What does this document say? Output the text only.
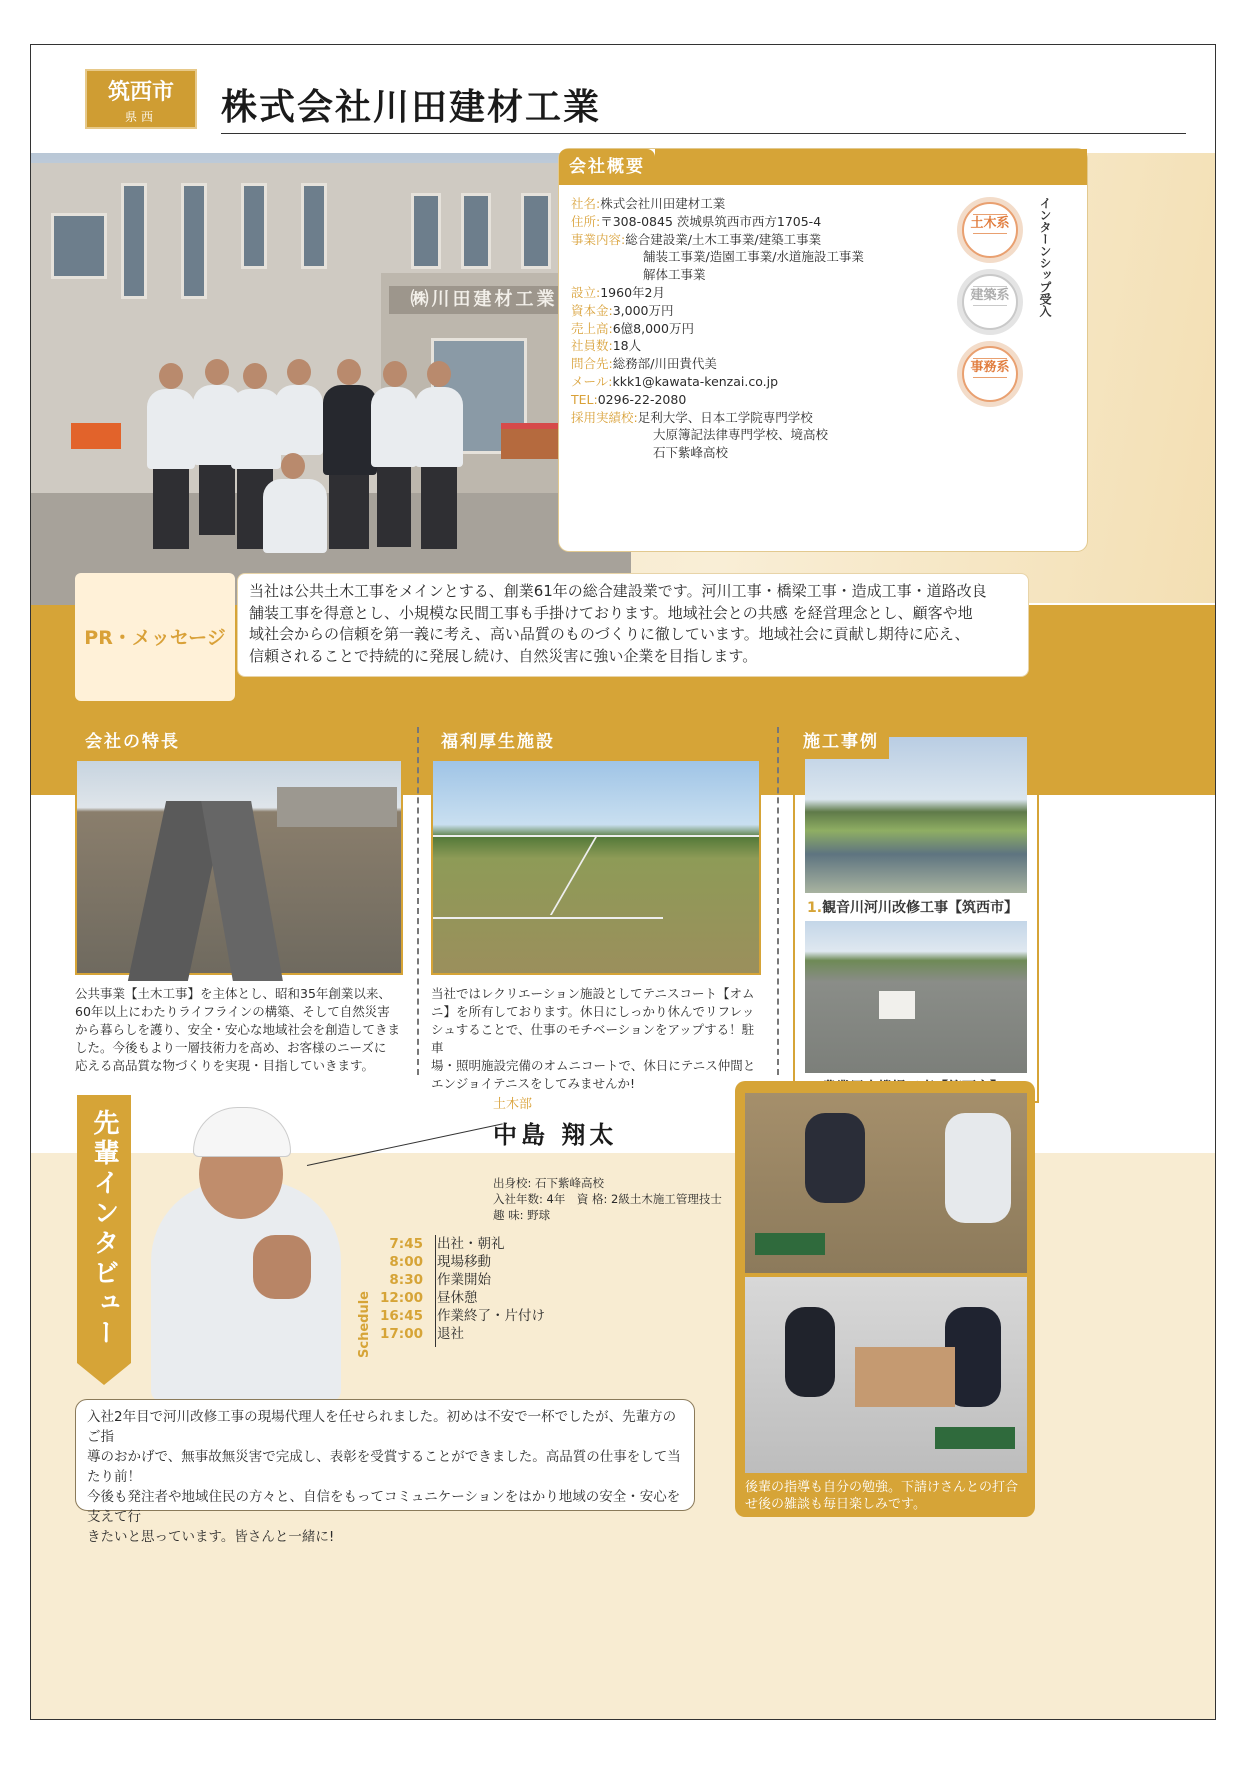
筑西市
県西	株式会社川田建材工業
㈱川田建材工業
会社概要
社名:株式会社川田建材工業
住所:〒308-0845 茨城県筑西市西方1705-4
事業内容:総合建設業/土木工事業/建築工事業
舗装工事業/造園工事業/水道施設工事業
解体工事業
設立:1960年2月
資本金:3,000万円
売上高:6億8,000万円
社員数:18人
問合先:総務部/川田貴代美
メール:kkk1@kawata-kenzai.co.jp
TEL:0296-22-2080
採用実績校:足利大学、日本工学院専門学校
大原簿記法律専門学校、境高校
石下紫峰高校
土木系
建築系
事務系
インターンシップ受入
PR・メッセージ
当社は公共土木工事をメインとする、創業61年の総合建設業です。河川工事・橋梁工事・造成工事・道路改良
舗装工事を得意とし、小規模な民間工事も手掛けております。地域社会との共感 を経営理念とし、顧客や地
域社会からの信頼を第一義に考え、高い品質のものづくりに徹しています。地域社会に貢献し期待に応え、
信頼されることで持続的に発展し続け、自然災害に強い企業を目指します。
会社の特長
公共事業【土木工事】を主体とし、昭和35年創業以来、
60年以上にわたりライフラインの構築、そして自然災害
から暮らしを護り、安全・安心な地域社会を創造してきま
した。今後もより一層技術力を高め、お客様のニーズに
応える高品質な物づくりを実現・目指していきます。
福利厚生施設
当社ではレクリエーション施設としてテニスコート【オム
ニ】を所有しております。休日にしっかり休んでリフレッ
シュすることで、仕事のモチベーションをアップする！駐車
場・照明施設完備のオムニコートで、休日にテニス仲間と
エンジョイテニスをしてみませんか!
施工事例
1.観音川河川改修工事【筑西市】
先輩インタビュー
土木部
中島 翔太
出身校: 石下紫峰高校
入社年数: 4年　資 格: 2級土木施工管理技士
趣 味: 野球
Schedule
7:45 出社・朝礼
8:00 現場移動
8:30 作業開始
12:00 昼休憩
16:45 作業終了・片付け
17:00 退社
入社2年目で河川改修工事の現場代理人を任せられました。初めは不安で一杯でしたが、先輩方のご指
導のおかげで、無事故無災害で完成し、表彰を受賞することができました。高品質の仕事をして当たり前！
今後も発注者や地域住民の方々と、自信をもってコミュニケーションをはかり地域の安全・安心を支えて行
きたいと思っています。皆さんと一緒に!
後輩の指導も自分の勉強。下請けさんとの打合
せ後の雑談も毎日楽しみです。
